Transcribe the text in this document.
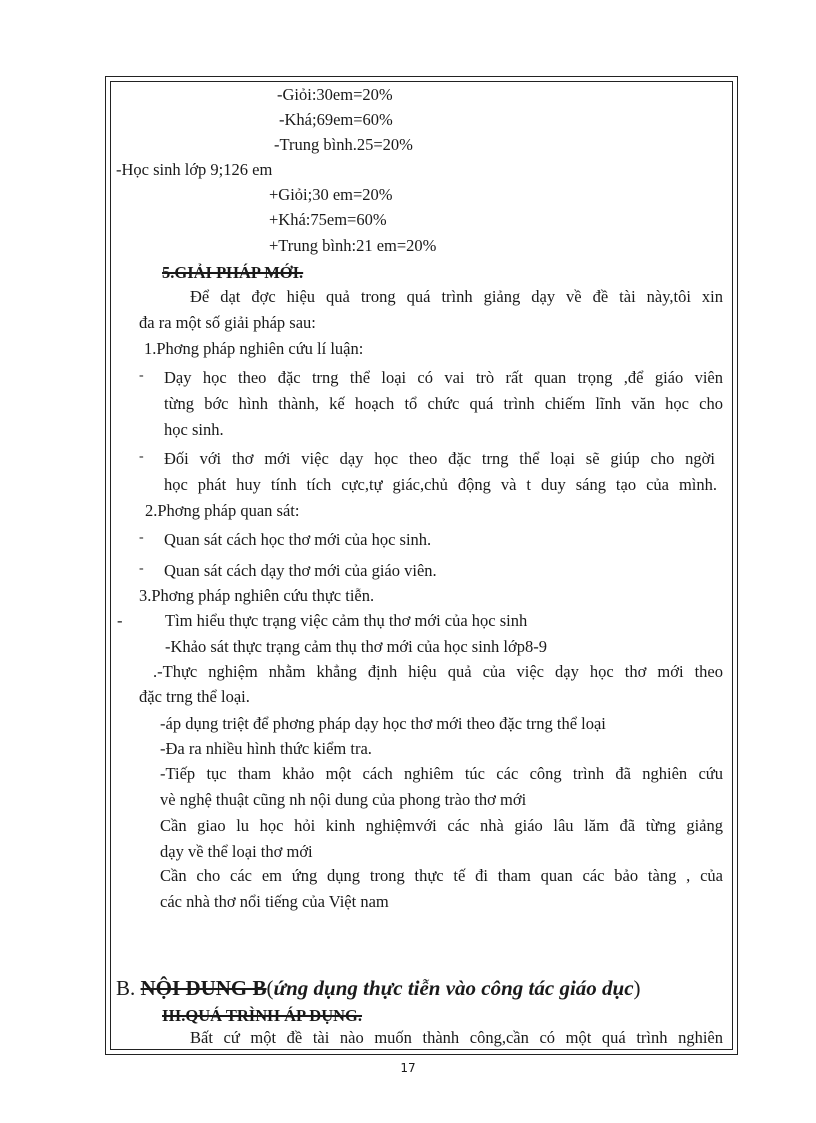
-Giỏi:30em=20%
-Khá;69em=60%
-Trung bình.25=20%
-Học sinh lớp 9;126 em
+Giỏi;30 em=20%
+Khá:75em=60%
+Trung bình:21 em=20%
5.GIẢI PHÁP MỚI.
Để dạt đợc hiệu quả trong quá trình giảng dạy về đề tài này,tôi xin
đa ra một số giải pháp sau:
1.Phơng pháp nghiên cứu lí luận:
- Dạy học theo đặc trng thể loại có vai trò rất quan trọng ,để giáo viên
từng bớc hình thành, kế hoạch tổ chức quá trình chiếm lĩnh văn học cho
học sinh.
- Đối với thơ mới việc dạy học theo đặc trng thể loại sẽ giúp cho ngời
học phát huy tính tích cực,tự giác,chủ động và t duy sáng tạo của mình.
2.Phơng pháp quan sát:
- Quan sát cách học thơ mới của học sinh.
- Quan sát cách dạy thơ mới của giáo viên.
3.Phơng pháp nghiên cứu thực tiễn.
-	Tìm hiểu thực trạng việc cảm thụ thơ mới của học sinh
-Khảo sát thực trạng cảm thụ thơ mới của học sinh lớp8-9
.-Thực nghiệm nhằm khẳng định hiệu quả của việc dạy học thơ mới theo
đặc trng thể loại.
-áp dụng triệt để phơng pháp dạy học thơ mới theo đặc trng thể loại
-Đa ra nhiều hình thức kiểm tra.
-Tiếp tục tham khảo một cách nghiêm túc các công trình đã nghiên cứu
vè nghệ thuật cũng nh nội dung của phong trào thơ mới
Cần giao lu học hỏi kinh nghiệmvới các nhà giáo lâu lăm đã từng giảng
dạy về thể loại thơ mới
Cần cho các em ứng dụng trong thực tế đi tham quan các bảo tàng , của
các nhà thơ nổi tiếng của Việt nam
B. NỘI DUNG B(ứng dụng thực tiễn vào công tác giáo dục)
III.QUÁ TRÌNH ÁP DỤNG.
Bất cứ một đề tài nào muốn thành công,cần có một quá trình nghiên
17
